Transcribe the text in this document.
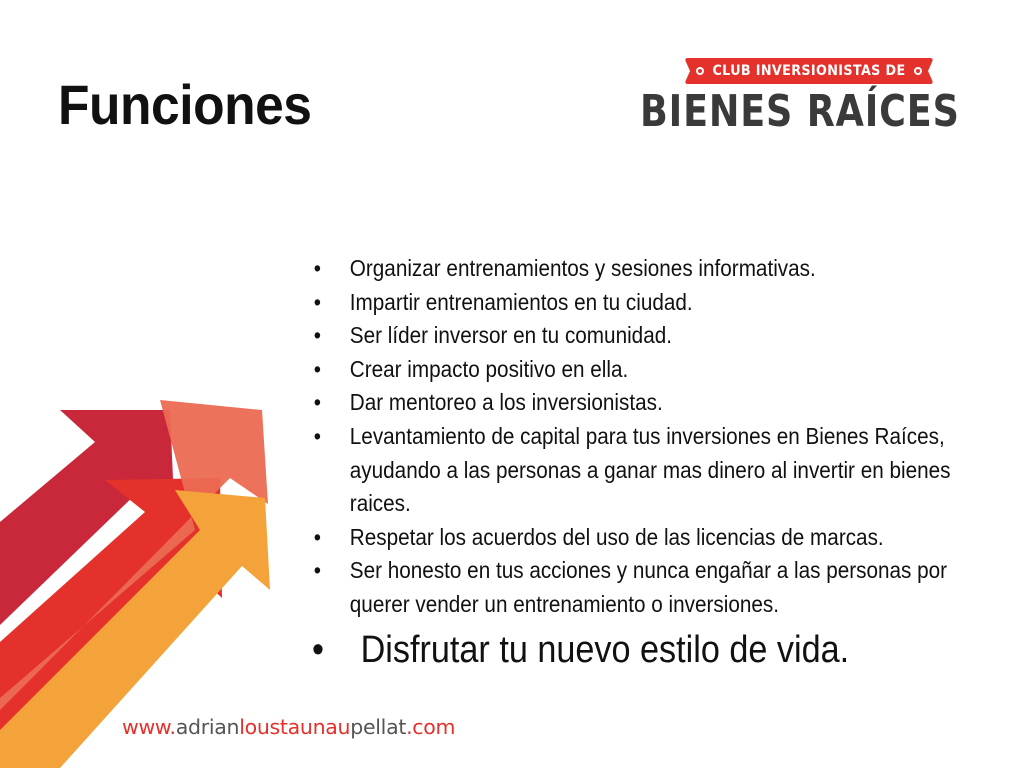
Funciones
CLUB INVERSIONISTAS DE
BIENES RAÍCES
• Organizar entrenamientos y sesiones informativas.
• Impartir entrenamientos en tu ciudad.
• Ser líder inversor en tu comunidad.
• Crear impacto positivo en ella.
• Dar mentoreo a los inversionistas.
• Levantamiento de capital para tus inversiones en Bienes Raíces, ayudando a las personas a ganar mas dinero al invertir en bienes raices.
• Respetar los acuerdos del uso de las licencias de marcas.
• Ser honesto en tus acciones y nunca engañar a las personas por querer vender un entrenamiento o inversiones.
• Disfrutar tu nuevo estilo de vida.
www.adrianloustaunaupellat.com
